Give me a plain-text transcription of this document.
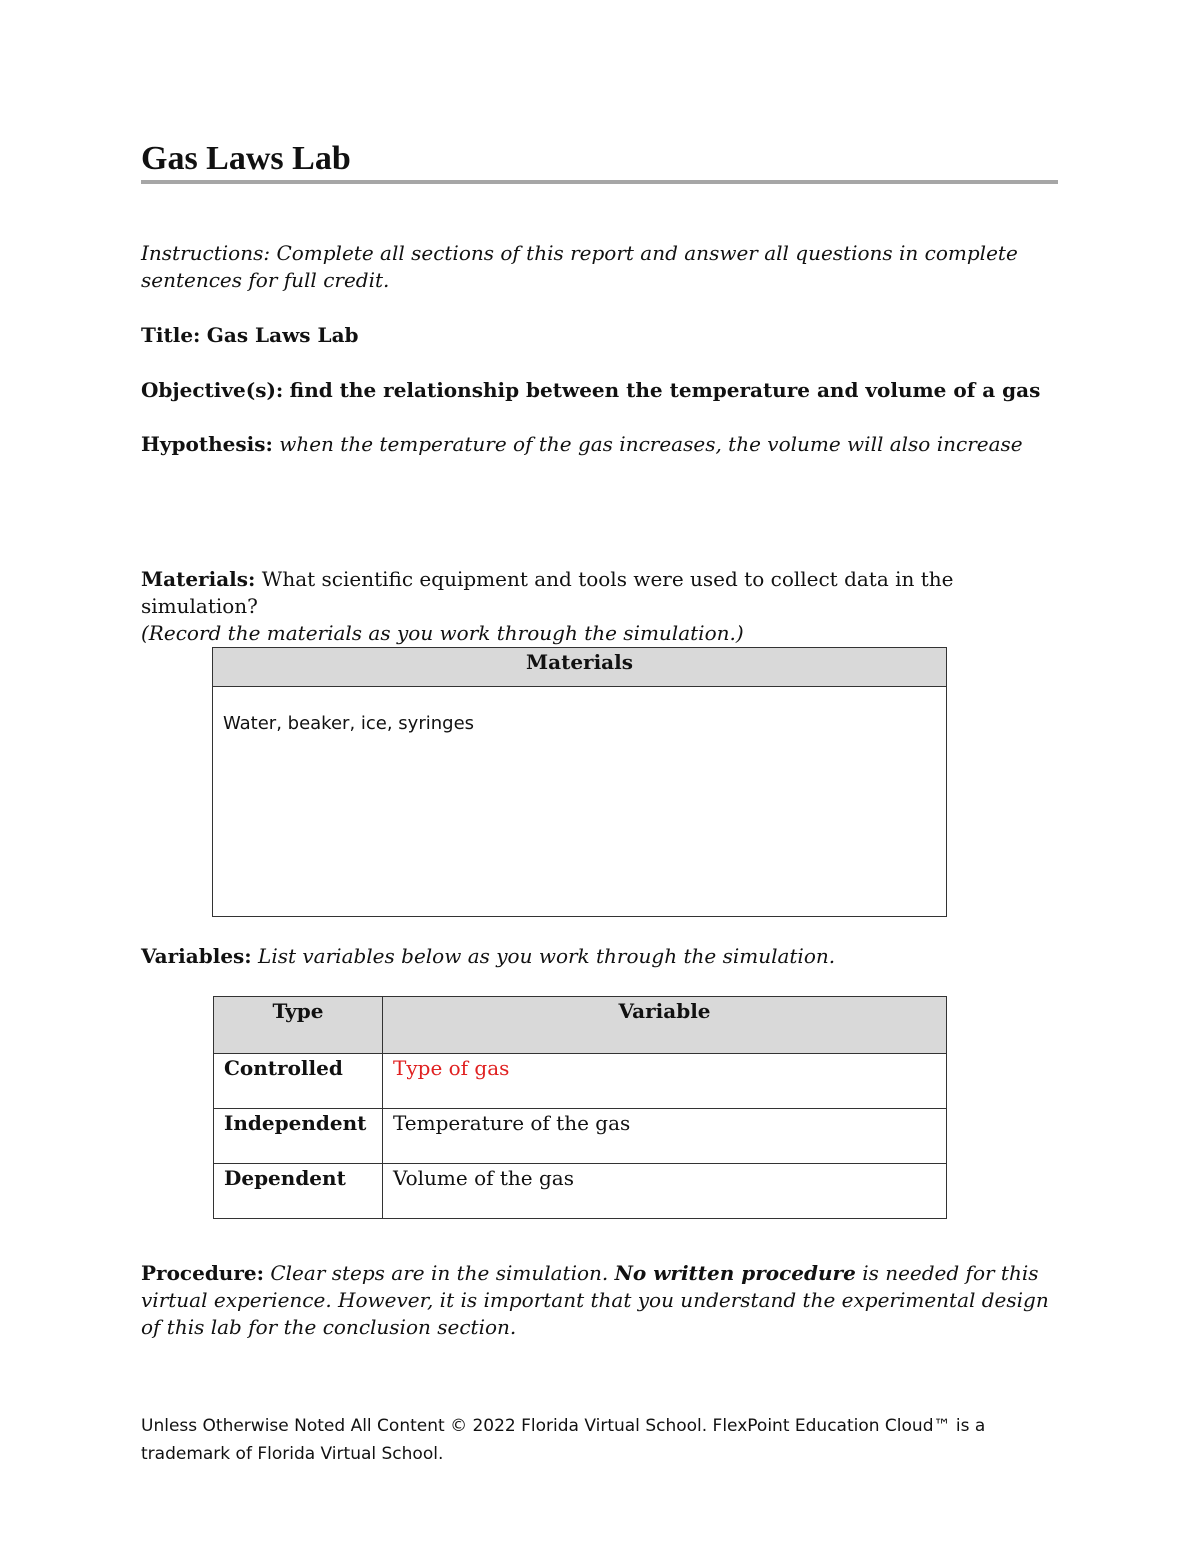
Gas Laws Lab

Instructions: Complete all sections of this report and answer all questions in complete sentences for full credit.

Title: Gas Laws Lab

Objective(s): find the relationship between the temperature and volume of a gas

Hypothesis: when the temperature of the gas increases, the volume will also increase

Materials: What scientific equipment and tools were used to collect data in the simulation?
(Record the materials as you work through the simulation.)

Materials
Water, beaker, ice, syringes

Variables: List variables below as you work through the simulation.

Type	Variable
Controlled	Type of gas
Independent	Temperature of the gas
Dependent	Volume of the gas

Procedure: Clear steps are in the simulation. No written procedure is needed for this virtual experience. However, it is important that you understand the experimental design of this lab for the conclusion section.

Unless Otherwise Noted All Content © 2022 Florida Virtual School. FlexPoint Education Cloud™ is a trademark of Florida Virtual School.
